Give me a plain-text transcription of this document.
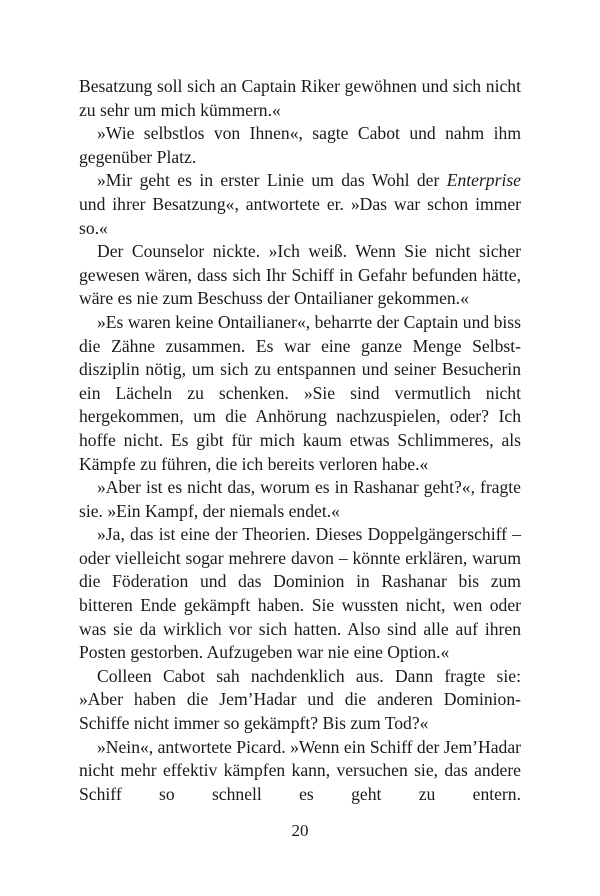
Besatzung soll sich an Captain Riker gewöhnen und sich nicht zu sehr um mich kümmern.«

»Wie selbstlos von Ihnen«, sagte Cabot und nahm ihm gegenüber Platz.

»Mir geht es in erster Linie um das Wohl der Enterprise und ihrer Besatzung«, antwortete er. »Das war schon immer so.«

Der Counselor nickte. »Ich weiß. Wenn Sie nicht sicher gewesen wären, dass sich Ihr Schiff in Gefahr befunden hätte, wäre es nie zum Beschuss der Ontailianer gekommen.«

»Es waren keine Ontailianer«, beharrte der Captain und biss die Zähne zusammen. Es war eine ganze Menge Selbstdisziplin nötig, um sich zu entspannen und seiner Besucherin ein Lächeln zu schenken. »Sie sind vermutlich nicht hergekommen, um die Anhörung nachzuspielen, oder? Ich hoffe nicht. Es gibt für mich kaum etwas Schlimmeres, als Kämpfe zu führen, die ich bereits verloren habe.«

»Aber ist es nicht das, worum es in Rashanar geht?«, fragte sie. »Ein Kampf, der niemals endet.«

»Ja, das ist eine der Theorien. Dieses Doppelgängerschiff – oder vielleicht sogar mehrere davon – könnte erklären, warum die Föderation und das Dominion in Rashanar bis zum bitteren Ende gekämpft haben. Sie wussten nicht, wen oder was sie da wirklich vor sich hatten. Also sind alle auf ihren Posten gestorben. Aufzugeben war nie eine Option.«

Colleen Cabot sah nachdenklich aus. Dann fragte sie: »Aber haben die Jem’Hadar und die anderen Dominion-Schiffe nicht immer so gekämpft? Bis zum Tod?«

»Nein«, antwortete Picard. »Wenn ein Schiff der Jem’Hadar nicht mehr effektiv kämpfen kann, versuchen sie, das andere Schiff so schnell es geht zu entern.

20
